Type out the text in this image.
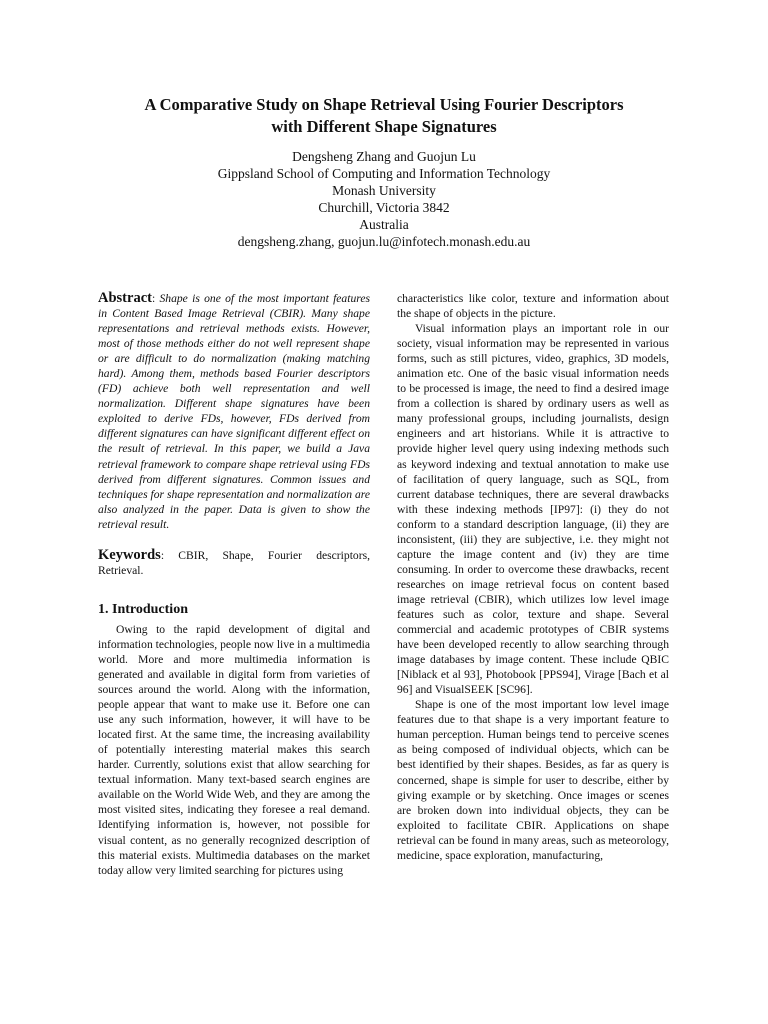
A Comparative Study on Shape Retrieval Using Fourier Descriptors
with Different Shape Signatures
Dengsheng Zhang and Guojun Lu
Gippsland School of Computing and Information Technology
Monash University
Churchill, Victoria 3842
Australia
dengsheng.zhang, guojun.lu@infotech.monash.edu.au

Abstract: Shape is one of the most important features in Content Based Image Retrieval (CBIR). Many shape representations and retrieval methods exists. However, most of those methods either do not well represent shape or are difficult to do normalization (making matching hard). Among them, methods based Fourier descriptors (FD) achieve both well representation and well normalization. Different shape signatures have been exploited to derive FDs, however, FDs derived from different signatures can have significant different effect on the result of retrieval. In this paper, we build a Java retrieval framework to compare shape retrieval using FDs derived from different signatures. Common issues and techniques for shape representation and normalization are also analyzed in the paper. Data is given to show the retrieval result.

Keywords: CBIR, Shape, Fourier descriptors, Retrieval.

1. Introduction

Owing to the rapid development of digital and information technologies, people now live in a multimedia world. More and more multimedia information is generated and available in digital form from varieties of sources around the world. Along with the information, people appear that want to make use it. Before one can use any such information, however, it will have to be located first. At the same time, the increasing availability of potentially interesting material makes this search harder. Currently, solutions exist that allow searching for textual information. Many text-based search engines are available on the World Wide Web, and they are among the most visited sites, indicating they foresee a real demand. Identifying information is, however, not possible for visual content, as no generally recognized description of this material exists. Multimedia databases on the market today allow very limited searching for pictures using

characteristics like color, texture and information about the shape of objects in the picture.

Visual information plays an important role in our society, visual information may be represented in various forms, such as still pictures, video, graphics, 3D models, animation etc. One of the basic visual information needs to be processed is image, the need to find a desired image from a collection is shared by ordinary users as well as many professional groups, including journalists, design engineers and art historians. While it is attractive to provide higher level query using indexing methods such as keyword indexing and textual annotation to make use of facilitation of query language, such as SQL, from current database techniques, there are several drawbacks with these indexing methods [IP97]: (i) they do not conform to a standard description language, (ii) they are inconsistent, (iii) they are subjective, i.e. they might not capture the image content and (iv) they are time consuming. In order to overcome these drawbacks, recent researches on image retrieval focus on content based image retrieval (CBIR), which utilizes low level image features such as color, texture and shape. Several commercial and academic prototypes of CBIR systems have been developed recently to allow searching through image databases by image content. These include QBIC [Niblack et al 93], Photobook [PPS94], Virage [Bach et al 96] and VisualSEEK [SC96].

Shape is one of the most important low level image features due to that shape is a very important feature to human perception. Human beings tend to perceive scenes as being composed of individual objects, which can be best identified by their shapes. Besides, as far as query is concerned, shape is simple for user to describe, either by giving example or by sketching. Once images or scenes are broken down into individual objects, they can be exploited to facilitate CBIR. Applications on shape retrieval can be found in many areas, such as meteorology, medicine, space exploration, manufacturing,
